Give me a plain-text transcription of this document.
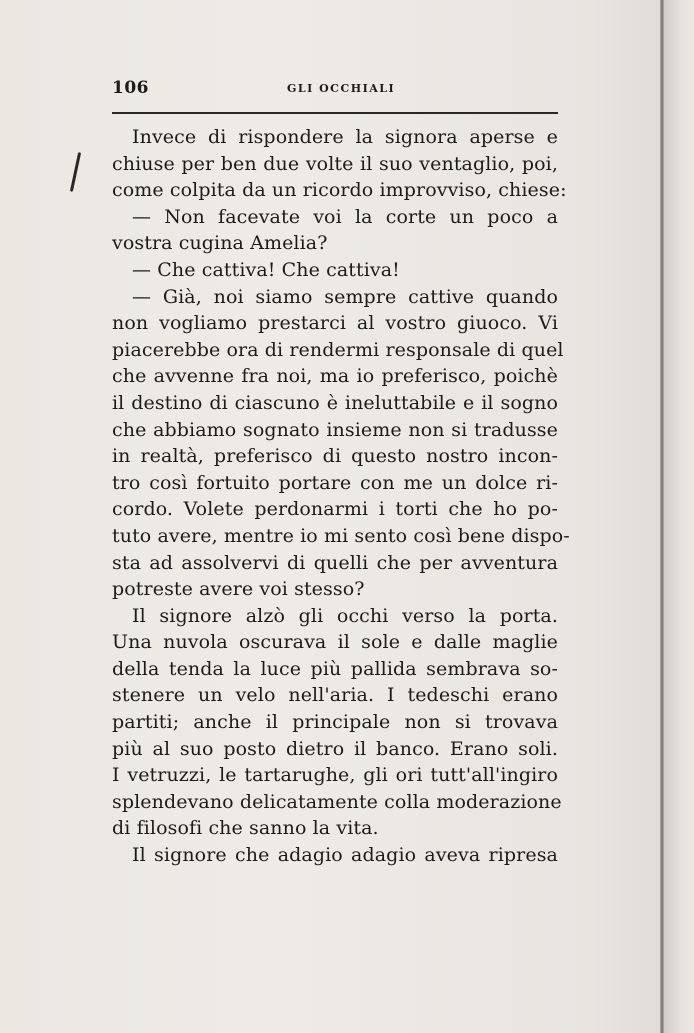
106	GLI OCCHIALI
Invece di rispondere la signora aperse e
chiuse per ben due volte il suo ventaglio, poi,
come colpita da un ricordo improvviso, chiese:
— Non facevate voi la corte un poco a
vostra cugina Amelia?
— Che cattiva! Che cattiva!
— Già, noi siamo sempre cattive quando
non vogliamo prestarci al vostro giuoco. Vi
piacerebbe ora di rendermi responsale di quel
che avvenne fra noi, ma io preferisco, poichè
il destino di ciascuno è ineluttabile e il sogno
che abbiamo sognato insieme non si tradusse
in realtà, preferisco di questo nostro incon-
tro così fortuito portare con me un dolce ri-
cordo. Volete perdonarmi i torti che ho po-
tuto avere, mentre io mi sento così bene dispo-
sta ad assolvervi di quelli che per avventura
potreste avere voi stesso?
Il signore alzò gli occhi verso la porta.
Una nuvola oscurava il sole e dalle maglie
della tenda la luce più pallida sembrava so-
stenere un velo nell'aria. I tedeschi erano
partiti; anche il principale non si trovava
più al suo posto dietro il banco. Erano soli.
I vetruzzi, le tartarughe, gli ori tutt'all'ingiro
splendevano delicatamente colla moderazione
di filosofi che sanno la vita.
Il signore che adagio adagio aveva ripresa
